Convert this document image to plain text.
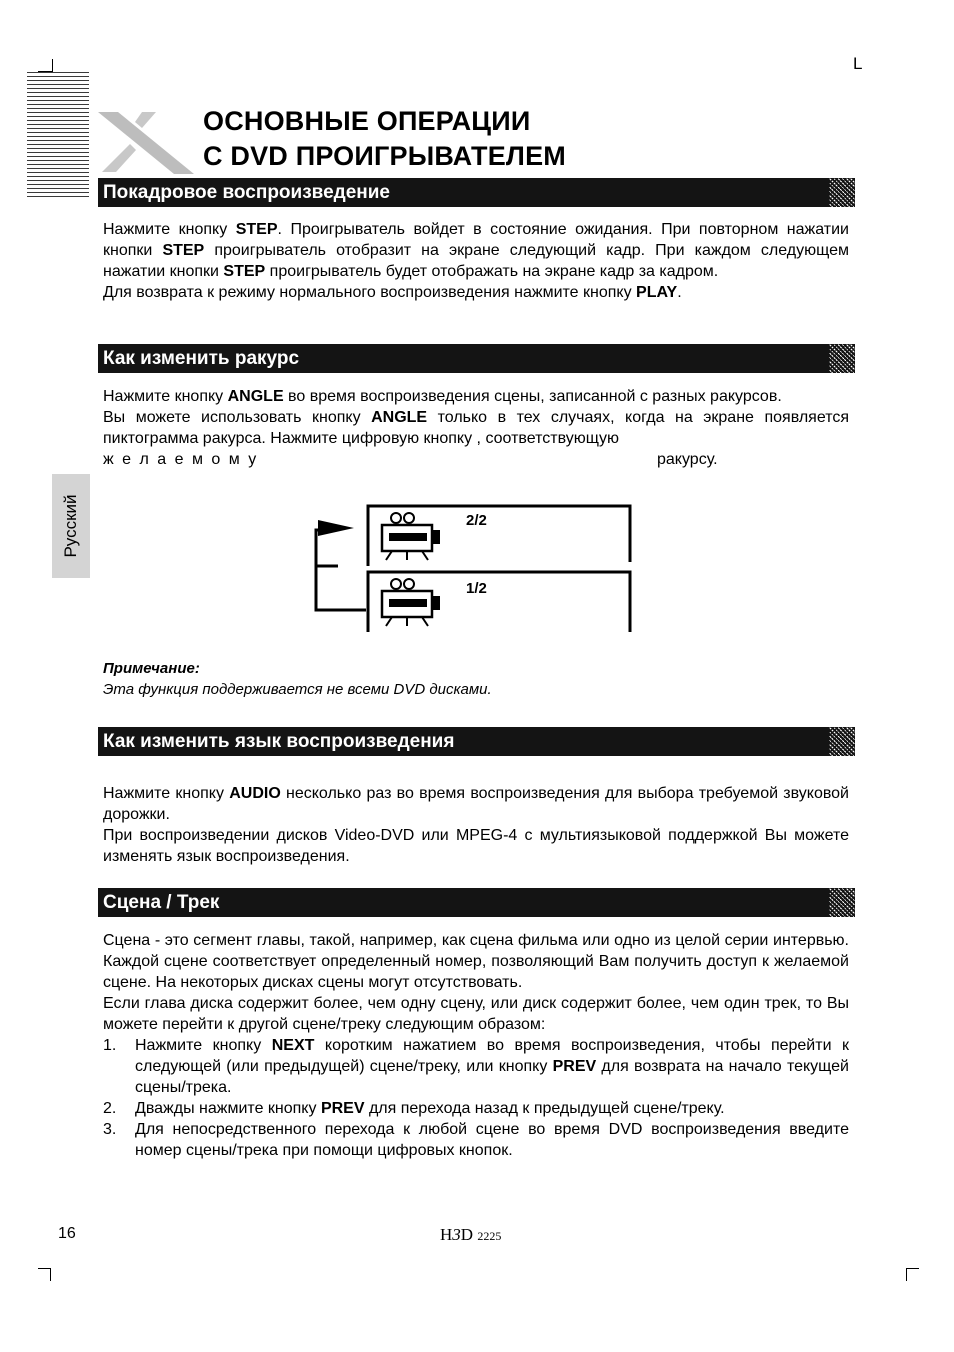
L
ОСНОВНЫЕ ОПЕРАЦИИ
С DVD ПРОИГРЫВАТЕЛЕМ
Русский
Покадровое воспроизведение

Нажмите кнопку STEP. Проигрыватель войдет в состояние ожидания. При повторном нажатии кнопки STEP проигрыватель отобразит на экране следующий кадр. При каждом следующем нажатии кнопки STEP проигрыватель будет отображать на экране кадр за кадром.

Для возврата к режиму нормального воспроизведения нажмите кнопку PLAY.

Как изменить ракурс

Нажмите кнопку ANGLE во время воспроизведения сцены, записанной с разных ракурсов.

Вы можете использовать кнопку ANGLE только в тех случаях, когда на экране появляется пиктограмма ракурса. Нажмите цифровую кнопку , соответствующую

ж е л а е м о м у	ракурсу.

2/2
1/2
Примечание:
Эта функция поддерживается не всеми DVD дисками.
Как изменить язык воспроизведения

Нажмите кнопку AUDIO несколько раз во время воспроизведения для выбора требуемой звуковой дорожки.

При воспроизведении дисков Video-DVD или MPEG-4 с мультиязыковой поддержкой Вы можете изменять язык воспроизведения.

Сцена / Трек

Сцена - это сегмент главы, такой, например, как сцена фильма или одно из целой серии интервью. Каждой сцене соответствует определенный номер, позволяющий Вам получить доступ к желаемой сцене. На некоторых дисках сцены могут отсутствовать.

Если глава диска содержит более, чем одну сцену, или диск содержит более, чем один трек, то Вы можете перейти к другой сцене/треку следующим образом:

1. Нажмите кнопку NEXT коротким нажатием во время воспроизведения, чтобы перейти к следующей (или предыдущей) сцене/треку, или кнопку PREV для возврата на начало текущей сцены/трека.
2. Дважды нажмите кнопку PREV для перехода назад к предыдущей сцене/треку.
3. Для непосредственного перехода к любой сцене во время DVD воспроизведения введите номер сцены/трека при помощи цифровых кнопок.
16	H3D 2225
